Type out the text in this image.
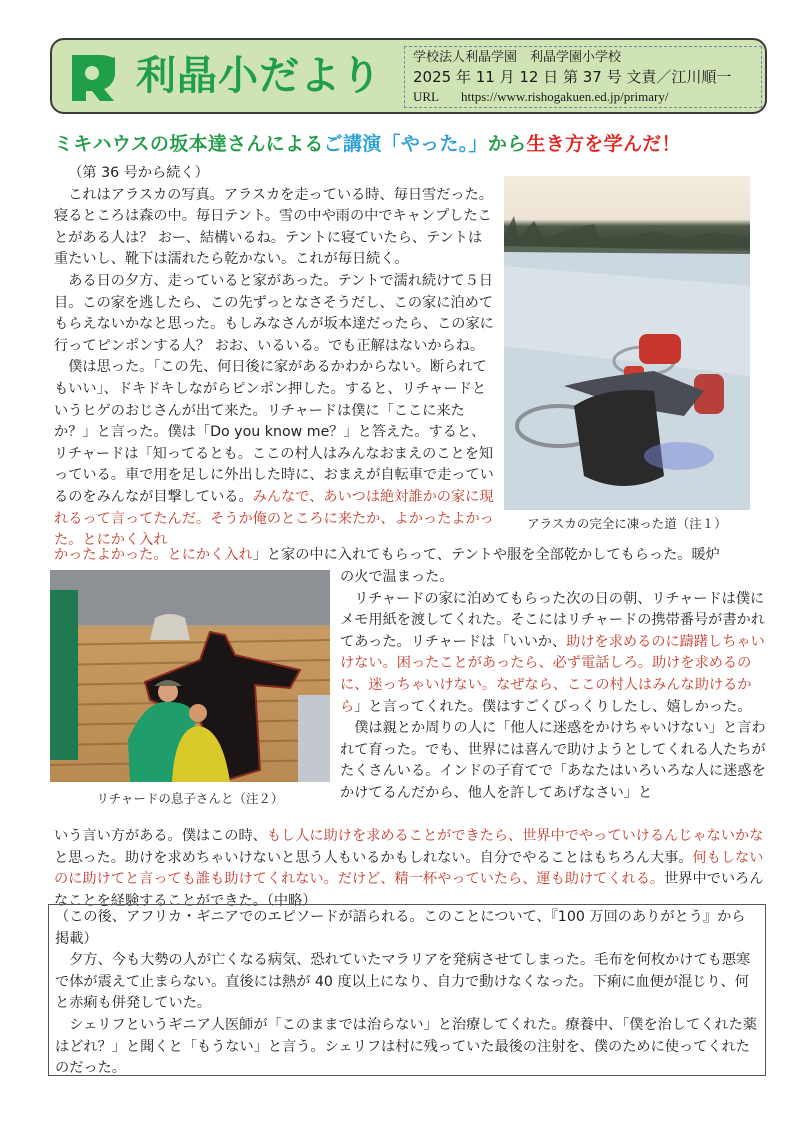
利晶小だより 学校法人利晶学園　利晶学園小学校
2025 年 11 月 12 日 第 37 号 文責／江川順一
URL https://www.rishogakuen.ed.jp/primary/
ミキハウスの坂本達さんによるご講演「やった。」から生き方を学んだ！
（第 36 号から続く）
これはアラスカの写真。アラスカを走っている時、毎日雪だった。寝るところは森の中。毎日テント。雪の中や雨の中でキャンプしたことがある人は？ おー、結構いるね。テントに寝ていたら、テントは重たいし、靴下は濡れたら乾かない。これが毎日続く。
ある日の夕方、走っていると家があった。テントで濡れ続けて５日目。この家を逃したら、この先ずっとなさそうだし、この家に泊めてもらえないかなと思った。もしみなさんが坂本達だったら、この家に行ってピンポンする人？ おお、いるいる。でも正解はないからね。
僕は思った。「この先、何日後に家があるかわからない。断られてもいい」、ドキドキしながらピンポン押した。すると、リチャードというヒゲのおじさんが出て来た。リチャードは僕に「ここに来たか？」と言った。僕は「Do you know me？」と答えた。すると、リチャードは「知ってるとも。ここの村人はみんなおまえのことを知っている。車で用を足しに外出した時に、おまえが自転車で走っているのをみんなが目撃している。みんなで、あいつは絶対誰かの家に現れるって言ってたんだ。そうか俺のところに来たか、よかったよかった。とにかく入れ
アラスカの完全に凍った道（注１）
かったよかった。とにかく入れ」と家の中に入れてもらって、テントや服を全部乾かしてもらった。暖炉
リチャードの息子さんと（注２）
の火で温まった。
リチャードの家に泊めてもらった次の日の朝、リチャードは僕にメモ用紙を渡してくれた。そこにはリチャードの携帯番号が書かれてあった。リチャードは「いいか、助けを求めるのに躊躇しちゃいけない。困ったことがあったら、必ず電話しろ。助けを求めるのに、迷っちゃいけない。なぜなら、ここの村人はみんな助けるから」と言ってくれた。僕はすごくびっくりしたし、嬉しかった。
僕は親とか周りの人に「他人に迷惑をかけちゃいけない」と言われて育った。でも、世界には喜んで助けようとしてくれる人たちがたくさんいる。インドの子育てで「あなたはいろいろな人に迷惑をかけてるんだから、他人を許してあげなさい」と
いう言い方がある。僕はこの時、もし人に助けを求めることができたら、世界中でやっていけるんじゃないかなと思った。助けを求めちゃいけないと思う人もいるかもしれない。自分でやることはもちろん大事。何もしないのに助けてと言っても誰も助けてくれない。だけど、精一杯やっていたら、運も助けてくれる。世界中でいろんなことを経験することができた。（中略）
（この後、アフリカ・ギニアでのエピソードが語られる。このことについて、『100 万回のありがとう』から掲載）
夕方、今も大勢の人が亡くなる病気、恐れていたマラリアを発病させてしまった。毛布を何枚かけても悪寒で体が震えて止まらない。直後には熱が 40 度以上になり、自力で動けなくなった。下痢に血便が混じり、何と赤痢も併発していた。
シェリフというギニア人医師が「このままでは治らない」と治療してくれた。療養中、「僕を治してくれた薬はどれ？」と聞くと「もうない」と言う。シェリフは村に残っていた最後の注射を、僕のために使ってくれたのだった。
